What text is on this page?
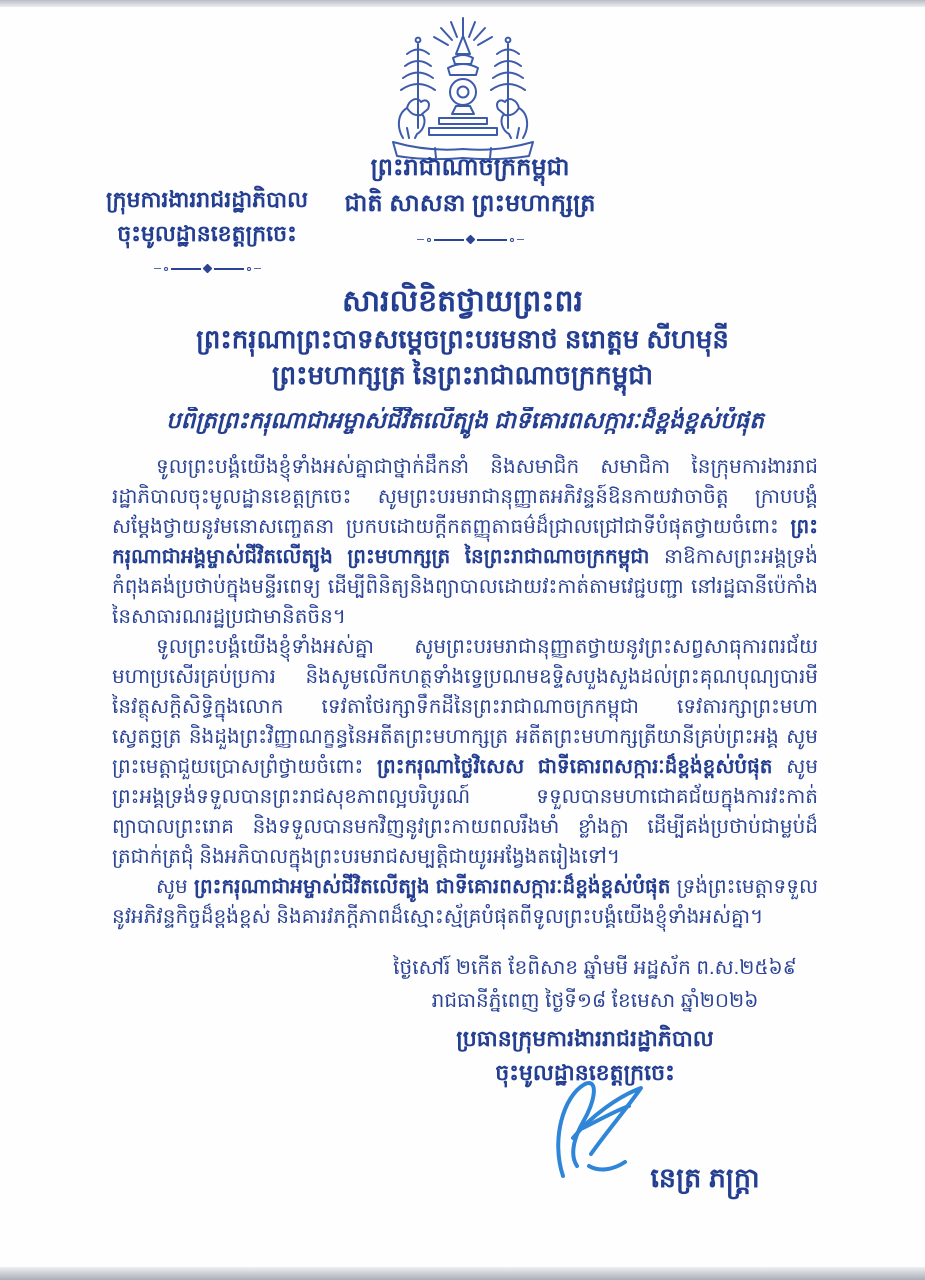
ព្រះរាជាណាចក្រកម្ពុជា
ជាតិ សាសនា ព្រះមហាក្សត្រ
ក្រុមការងាររាជរដ្ឋាភិបាល
ចុះមូលដ្ឋានខេត្តក្រចេះ
សារលិខិតថ្វាយព្រះពរ
ព្រះករុណាព្រះបាទសម្ដេចព្រះបរមនាថ នរោត្ដម សីហមុនី
ព្រះមហាក្សត្រ នៃព្រះរាជាណាចក្រកម្ពុជា
បពិត្រព្រះករុណាជាអម្ចាស់ជីវិតលើត្បូង ជាទីគោរពសក្ការៈដ៏ខ្ពង់ខ្ពស់បំផុត

ទូលព្រះបង្គំយើងខ្ញុំទាំងអស់គ្នាជាថ្នាក់ដឹកនាំ និងសមាជិក សមាជិកា នៃក្រុមការងាររាជរដ្ឋាភិបាលចុះមូលដ្ឋានខេត្តក្រចេះ សូមព្រះបរមរាជានុញ្ញាតអភិវន្ទន៍ឱនកាយវាចាចិត្ត ក្រាបបង្គំសម្ដែងថ្វាយនូវមនោសញ្ចេតនា ប្រកបដោយក្ដីកតញ្ញុតាធម៌ដ៏ជ្រាលជ្រៅជាទីបំផុតថ្វាយចំពោះ ព្រះករុណាជាអង្គម្ចាស់ជីវិតលើត្បូង ព្រះមហាក្សត្រ នៃព្រះរាជាណាចក្រកម្ពុជា នាឱកាសព្រះអង្គទ្រង់កំពុងគង់ប្រថាប់ក្នុងមន្ទីរពេទ្យ ដើម្បីពិនិត្យនិងព្យាបាលដោយវះកាត់តាមវេជ្ជបញ្ជា នៅរដ្ឋធានីប៉េកាំង នៃសាធារណរដ្ឋប្រជាមានិតចិន។

ទូលព្រះបង្គំយើងខ្ញុំទាំងអស់គ្នា សូមព្រះបរមរាជានុញ្ញាតថ្វាយនូវព្រះសព្វសាធុការពរជ័យមហាប្រសើរគ្រប់ប្រការ និងសូមលើកហត្ថទាំងទ្វេប្រណមឧទ្ទិសបួងសួងដល់ព្រះគុណបុណ្យបារមី នៃវត្ថុសក្ដិសិទ្ធិក្នុងលោក ទេវតាថែរក្សាទឹកដីនៃព្រះរាជាណាចក្រកម្ពុជា ទេវតារក្សាព្រះមហាស្វេតច្ឆត្រ និងដួងព្រះវិញ្ញាណក្ខន្ធនៃអតីតព្រះមហាក្សត្រ អតីតព្រះមហាក្សត្រីយានីគ្រប់ព្រះអង្គ សូមព្រះមេត្តាជួយប្រោសព្រំថ្វាយចំពោះ ព្រះករុណាថ្លៃវិសេស ជាទីគោរពសក្ការៈដ៏ខ្ពង់ខ្ពស់បំផុត សូមព្រះអង្គទ្រង់ទទួលបានព្រះរាជសុខភាពល្អបរិបូរណ៍ ទទួលបានមហាជោគជ័យក្នុងការវះកាត់ ព្យាបាលព្រះរោគ និងទទួលបានមកវិញនូវព្រះកាយពលរឹងមាំ ខ្លាំងក្លា ដើម្បីគង់ប្រថាប់ជាម្លប់ដ៏ត្រជាក់ត្រជុំ និងអភិបាលក្នុងព្រះបរមរាជសម្បត្តិជាយូរអង្វែងតរៀងទៅ។

សូម ព្រះករុណាជាអម្ចាស់ជីវិតលើត្បូង ជាទីគោរពសក្ការៈដ៏ខ្ពង់ខ្ពស់បំផុត ទ្រង់ព្រះមេត្តាទទួលនូវអភិវន្ទកិច្ចដ៏ខ្ពង់ខ្ពស់ និងគារវភក្ដីភាពដ៏ស្មោះស្ម័គ្របំផុតពីទូលព្រះបង្គំយើងខ្ញុំទាំងអស់គ្នា។

ថ្ងៃសៅរ៍ ២កើត ខែពិសាខ ឆ្នាំមមី អដ្ឋស័ក ព.ស.២៥៦៩
រាជធានីភ្នំពេញ ថ្ងៃទី១៨ ខែមេសា ឆ្នាំ២០២៦
ប្រធានក្រុមការងាររាជរដ្ឋាភិបាល
ចុះមូលដ្ឋានខេត្តក្រចេះ
នេត្រ ភក្ត្រា
